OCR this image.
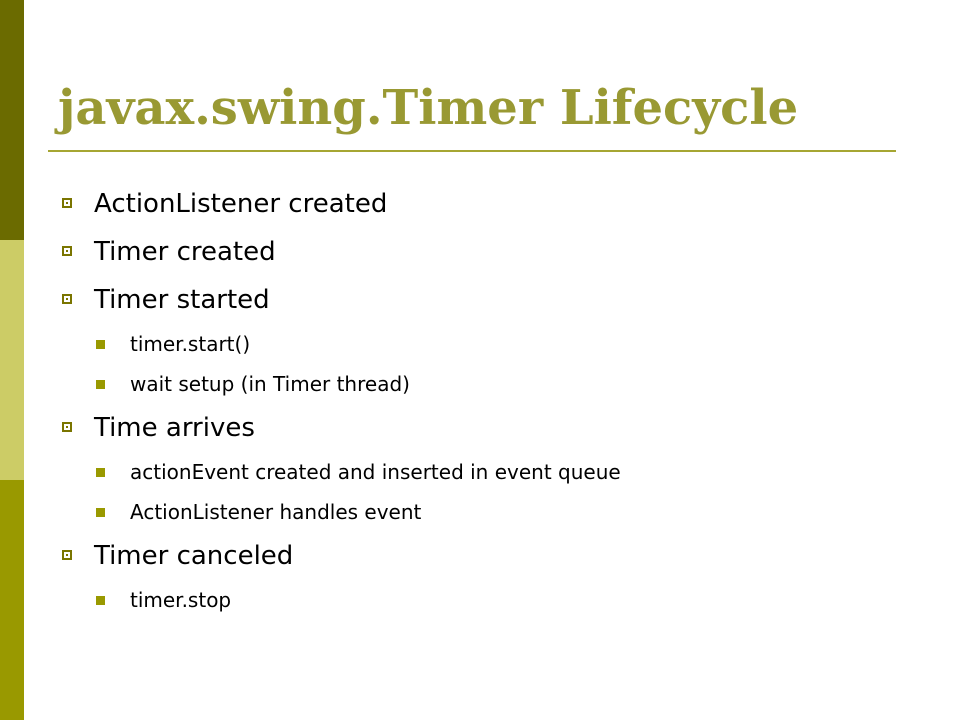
javax.swing.Timer Lifecycle
ActionListener created
Timer created
Timer started
timer.start()
wait setup (in Timer thread)
Time arrives
actionEvent created and inserted in event queue
ActionListener handles event
Timer canceled
timer.stop
